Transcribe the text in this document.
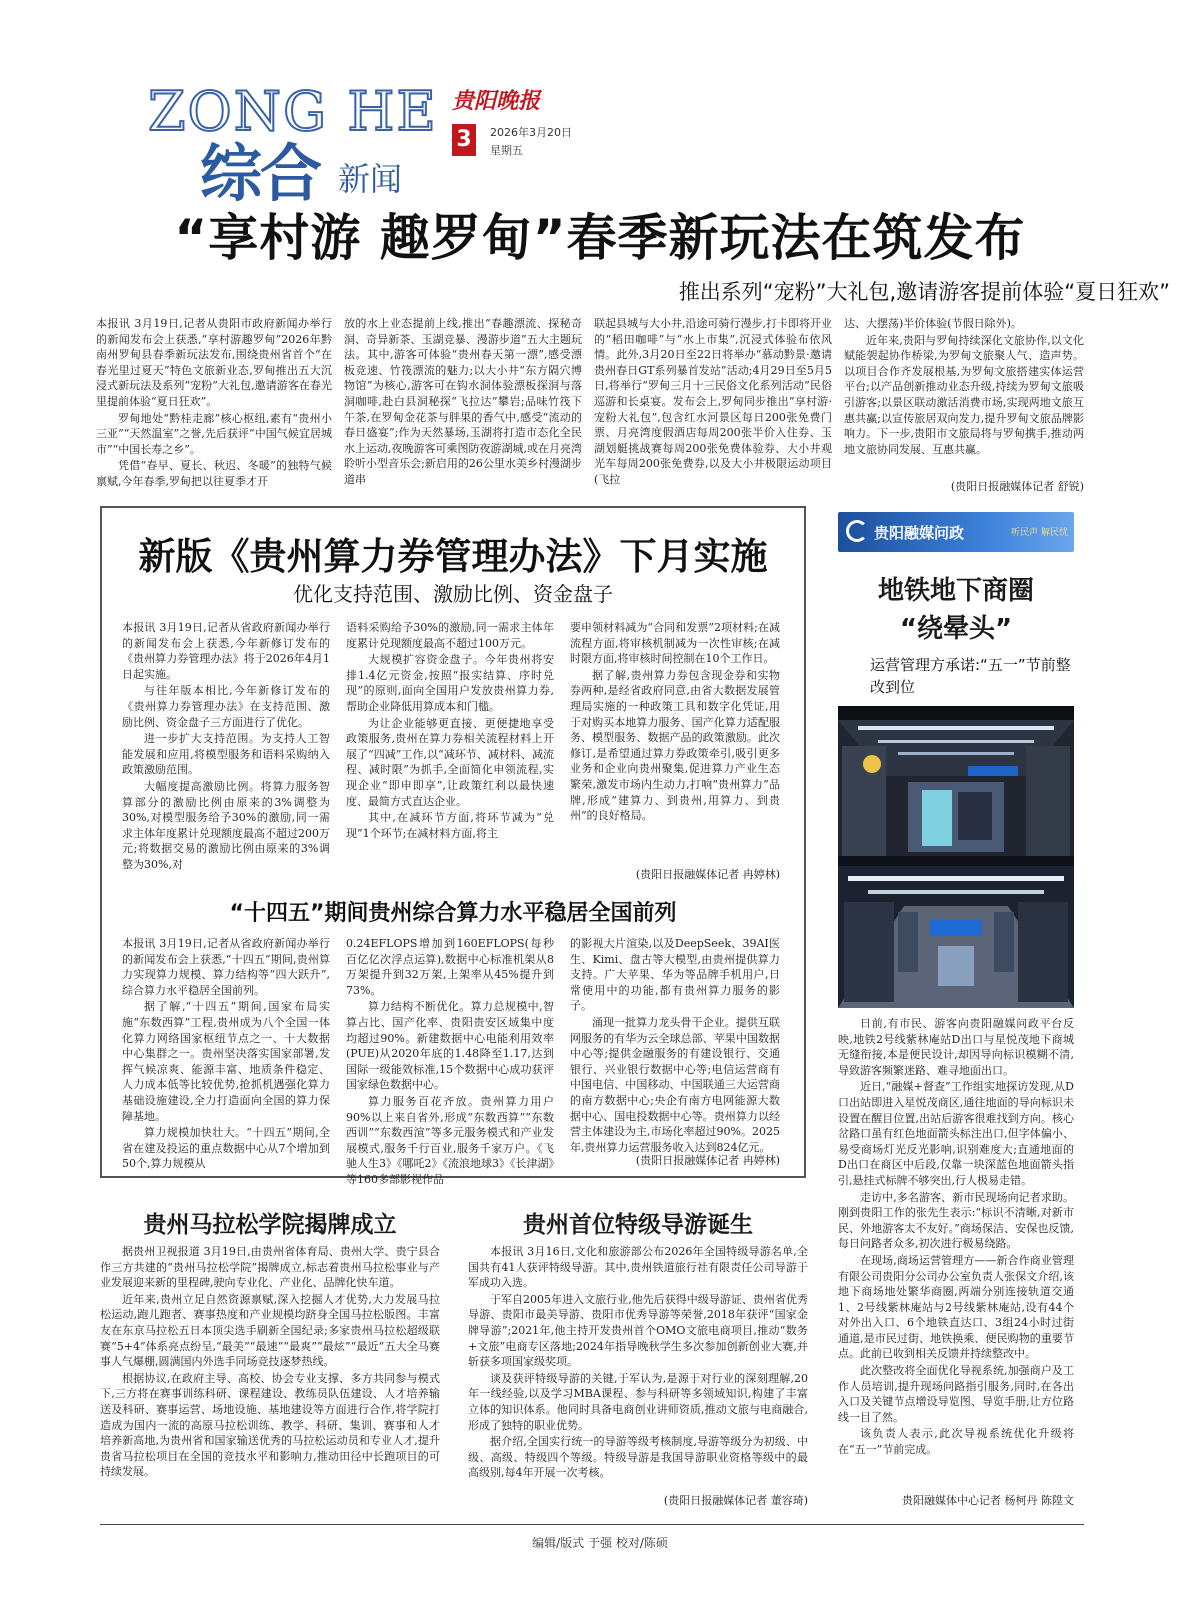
ZONG HE
综合 新闻
贵阳晚报
3	2026年3月20日
星期五
“享村游 趣罗甸”春季新玩法在筑发布
推出系列“宠粉”大礼包,邀请游客提前体验“夏日狂欢”

本报讯 3月19日,记者从贵阳市政府新闻办举行的新闻发布会上获悉,“享村游趣罗甸”2026年黔南州罗甸县春季新玩法发布,围绕贵州省首个“在春光里过夏天”特色文旅新业态,罗甸推出五大沉浸式新玩法及系列“宠粉”大礼包,邀请游客在春光里提前体验“夏日狂欢”。

罗甸地处“黔桂走廊”核心枢纽,素有“贵州小三亚”“天然温室”之誉,先后获评“中国气候宜居城市”“中国长寿之乡”。

凭借“春早、夏长、秋迟、冬暖”的独特气候禀赋,今年春季,罗甸把以往夏季才开

放的水上业态提前上线,推出“春趣漂流、探秘奇洞、奇异新茶、玉湖竞暴、漫游步道”五大主题玩法。其中,游客可体验“贵州春天第一漂”,感受漂板竞速、竹筏漂流的魅力;以大小井“东方隔穴博物馆”为核心,游客可在钩水洞体验漂板探洞与落洞咖啡,赴白县洞秘探“飞拉达”攀岩;品味竹筏下午茶,在罗甸金花茶与胖果的香气中,感受“流动的春日盛宴”;作为天然暴场,玉湖将打造市态化全民水上运动,夜晚游客可乘图防夜游湖城,或在月亮湾聆听小型音乐会;新启用的26公里水美乡村漫湖步道串

联起县城与大小井,沿途可骑行漫步,打卡即将开业的“稻田咖啡”与“水上市集”,沉浸式体验布依风情。此外,3月20日至22日将举办“慕动黔景·邀请贵州春日GT系列暴首发站”活动;4月29日至5月5日,将举行“罗甸三月十三民俗文化系列活动”民俗巡游和长桌宴。发布会上,罗甸同步推出“享村游·宠粉大礼包”,包含红水河景区每日200张免费门票、月亮湾度假酒店每周200张半价入住券、玉湖划艇挑战赛每周200张免费体验券、大小井观光车每周200张免费券,以及大小井极限运动项目(飞拉

达、大摆荡)半价体验(节假日除外)。

近年来,贵阳与罗甸持续深化文旅协作,以文化赋能袈起协作桥梁,为罗甸文旅聚人气、造声势。以项目合作齐发展根基,为罗甸文旅搭建实体运营平台;以产品创新推动业态升级,持续为罗甸文旅吸引游客;以景区联动激活消费市场,实现两地文旅互惠共赢;以宣传旅居双向发力,提升罗甸文旅品牌影响力。下一步,贵阳市文旅局将与罗甸携手,推动两地文旅协同发展、互惠共赢。

(贵阳日报融媒体记者 舒锐)
新版《贵州算力券管理办法》下月实施
优化支持范围、激励比例、资金盘子

本报讯 3月19日,记者从省政府新闻办举行的新闻发布会上获悉,今年新修订发布的《贵州算力券管理办法》将于2026年4月1日起实施。

与往年版本相比,今年新修订发布的《贵州算力券管理办法》在支持范围、激励比例、资金盘子三方面进行了优化。

进一步扩大支持范围。为支持人工智能发展和应用,将模型服务和语料采购纳入政策激励范围。

大幅度提高激励比例。将算力服务智算部分的激励比例由原来的3%调整为30%,对模型服务给予30%的激励,同一需求主体年度累计兑现额度最高不超过200万元;将数据交易的激励比例由原来的3%调整为30%,对

语料采购给予30%的激励,同一需求主体年度累计兑现额度最高不超过100万元。

大规模扩容资金盘子。今年贵州将安排1.4亿元资金,按照“报实结算、序时兑现”的原则,面向全国用户发放贵州算力券,帮助企业降低用算成本和门槛。

为让企业能够更直接、更便捷地享受政策服务,贵州在算力券相关流程材料上开展了“四减”工作,以“减环节、减材料、减流程、减时限”为抓手,全面简化申领流程,实现企业“即申即享”,让政策红利以最快速度、最简方式直达企业。

其中,在减环节方面,将环节减为“兑现”1个环节;在减材料方面,将主

要申领材料减为“合同和发票”2项材料;在减流程方面,将审核机制减为一次性审核;在减时限方面,将审核时间控制在10个工作日。

据了解,贵州算力券包含现金券和实物券两种,是经省政府同意,由省大数据发展管理局实施的一种政策工具和数字化凭证,用于对购买本地算力服务、国产化算力适配服务、模型服务、数据产品的政策激励。此次修订,是希望通过算力券政策牵引,吸引更多业务和企业向贵州聚集,促进算力产业生态繁荣,激发市场内生动力,打响“贵州算力”品牌,形成“建算力、到贵州,用算力、到贵州”的良好格局。

(贵阳日报融媒体记者 冉婷林)
“十四五”期间贵州综合算力水平稳居全国前列

本报讯 3月19日,记者从省政府新闻办举行的新闻发布会上获悉,“十四五”期间,贵州算力实现算力规模、算力结构等“四大跃升”,综合算力水平稳居全国前列。

据了解,“十四五”期间,国家布局实施“东数西算”工程,贵州成为八个全国一体化算力网络国家枢纽节点之一、十大数据中心集群之一。贵州坚决落实国家部署,发挥气候凉爽、能源丰富、地质条件稳定、人力成本低等比较优势,抢抓机遇强化算力基础设施建设,全力打造面向全国的算力保障基地。

算力规模加快壮大。“十四五”期间,全省在建及投运的重点数据中心从7个增加到50个,算力规模从

0.24EFLOPS增加到160EFLOPS(每秒百亿亿次浮点运算),数据中心标准机架从8万架提升到32万架,上架率从45%提升到73%。

算力结构不断优化。算力总规模中,智算占比、国产化率、贵阳贵安区域集中度均超过90%。新建数据中心电能利用效率(PUE)从2020年底的1.48降至1.17,达到国际一级能效标准,15个数据中心成功获评国家绿色数据中心。

算力服务百花齐放。贵州算力用户90%以上来自省外,形成“东数西算”“东数西训”“东数西渲”等多元服务模式和产业发展模式,服务千行百业,服务千家万户。《飞驰人生3》《哪吒2》《流浪地球3》《长津湖》等160多部影视作品

的影视大片渲染,以及DeepSeek、39AI医生、Kimi、盘古等大模型,由贵州提供算力支持。广大苹果、华为等品牌手机用户,日常使用中的功能,都有贵州算力服务的影子。

涌现一批算力龙头骨干企业。提供互联网服务的有华为云全球总部、苹果中国数据中心等;提供金融服务的有建设银行、交通银行、兴业银行数据中心等;电信运营商有中国电信、中国移动、中国联通三大运营商的南方数据中心;央企有南方电网能源大数据中心、国电投数据中心等。贵州算力以经营主体建设为主,市场化率超过90%。2025年,贵州算力运营服务收入达到824亿元。

(贵阳日报融媒体记者 冉婷林)
贵阳融媒问政	听民声 解民忧
地铁地下商圈
“绕晕头”
运营管理方承诺:“五一”节前整改到位

日前,有市民、游客向贵阳融媒问政平台反映,地铁2号线紫林庵站D出口与星悦茂地下商城无缝衔接,本是便民设计,却因导向标识模糊不清,导致游客频繁迷路、难寻地面出口。

近日,“融媒+督查”工作组实地探访发现,从D口出站即进入星悦茂商区,通往地面的导向标识未设置在醒目位置,出站后游客很难找到方向。核心岔路口虽有红色地面箭头标注出口,但字体偏小、易受商场灯光反光影响,识别难度大;直通地面的D出口在商区中后段,仅靠一块深蓝色地面箭头指引,悬挂式标牌不够突出,行人极易走错。

走访中,多名游客、新市民现场向记者求助。刚到贵阳工作的张先生表示:“标识不清晰,对新市民、外地游客太不友好。”商场保洁、安保也反馈,每日问路者众多,初次进行极易绕路。

在现场,商场运营管理方——新合作商业管理有限公司贵阳分公司办公室负责人张保文介绍,该地下商场地处繁华商圈,两端分别连接轨道交通1、2号线紫林庵站与2号线紫林庵站,设有44个对外出入口、6个地铁直达口、3组24小时过街通道,是市民过街、地铁换乘、便民购物的重要节点。此前已收到相关反馈并持续整改中。

此次整改将全面优化导视系统,加强商户及工作人员培训,提升现场问路指引服务,同时,在各出入口及关键节点增设导览图、导览手册,让方位路线一目了然。

该负责人表示,此次导视系统优化升级将在“五一”节前完成。

贵阳融媒体中心记者 杨柯丹 陈陞文
贵州马拉松学院揭牌成立

据贵州卫视报道 3月19日,由贵州省体育局、贵州大学、贵宁县合作三方共建的“贵州马拉松学院”揭牌成立,标志着贵州马拉松事业与产业发展迎来新的里程碑,驶向专业化、产业化、品牌化快车道。

近年来,贵州立足自然资源禀赋,深入挖掘人才优势,大力发展马拉松运动,跑儿跑者、赛事热度和产业规模均跻身全国马拉松版图。丰富友在东京马拉松五日本顶尖选手刷新全国纪录;多家贵州马拉松超级联赛“5+4”体系亮点纷呈,“最美”“最速”“最爽”“最炫”“最近”五大全马赛事人气爆棚,圆满国内外选手同场竞技逐梦热线。

根据协议,在政府主导、高校、协会专业支撑、多方共同参与模式下,三方将在赛事训练科研、课程建设、教练员队伍建设、人才培养输送及科研、赛事运营、场地设施、基地建设等方面进行合作,将学院打造成为国内一流的高原马拉松训练、教学、科研、集训、赛事和人才培养新高地,为贵州省和国家输送优秀的马拉松运动员和专业人才,提升贵省马拉松项目在全国的竞技水平和影响力,推动田径中长跑项目的可持续发展。

贵州首位特级导游诞生

本报讯 3月16日,文化和旅游部公布2026年全国特级导游名单,全国共有41人获评特级导游。其中,贵州铁道旅行社有限责任公司导游于军成功入选。

于军自2005年进入文旅行业,他先后获得中级导游证、贵州省优秀导游、贵阳市最美导游、贵阳市优秀导游等荣誉,2018年获评“国家金牌导游”;2021年,他主持开发贵州首个OMO文旅电商项目,推动“数务+文旅”电商专区落地;2024年指导晚秋学生多次参加创新创业大赛,并斩获多项国家级奖项。

谈及获评特级导游的关键,于军认为,是源于对行业的深刻理解,20年一线经验,以及学习MBA课程、参与科研等多领域知识,构建了丰富立体的知识体系。他同时具备电商创业讲师资质,推动文旅与电商融合,形成了独特的职业优势。

据介绍,全国实行统一的导游等级考核制度,导游等级分为初级、中级、高级、特级四个等级。特级导游是我国导游职业资格等级中的最高级别,每4年开展一次考核。

(贵阳日报融媒体记者 董容琦)
编辑/版式 于强 校对/陈硕
